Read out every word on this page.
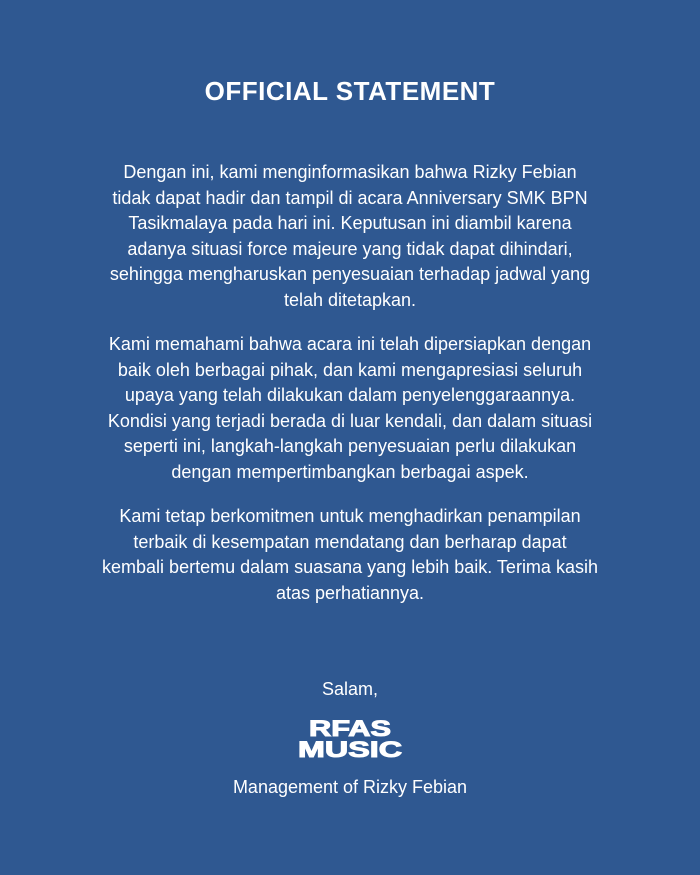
OFFICIAL STATEMENT

Dengan ini, kami menginformasikan bahwa Rizky Febian
tidak dapat hadir dan tampil di acara Anniversary SMK BPN
Tasikmalaya pada hari ini. Keputusan ini diambil karena
adanya situasi force majeure yang tidak dapat dihindari,
sehingga mengharuskan penyesuaian terhadap jadwal yang
telah ditetapkan.

Kami memahami bahwa acara ini telah dipersiapkan dengan
baik oleh berbagai pihak, dan kami mengapresiasi seluruh
upaya yang telah dilakukan dalam penyelenggaraannya.
Kondisi yang terjadi berada di luar kendali, dan dalam situasi
seperti ini, langkah-langkah penyesuaian perlu dilakukan
dengan mempertimbangkan berbagai aspek.

Kami tetap berkomitmen untuk menghadirkan penampilan
terbaik di kesempatan mendatang dan berharap dapat
kembali bertemu dalam suasana yang lebih baik. Terima kasih
atas perhatiannya.

Salam,

RFAS
MUSIC

Management of Rizky Febian
